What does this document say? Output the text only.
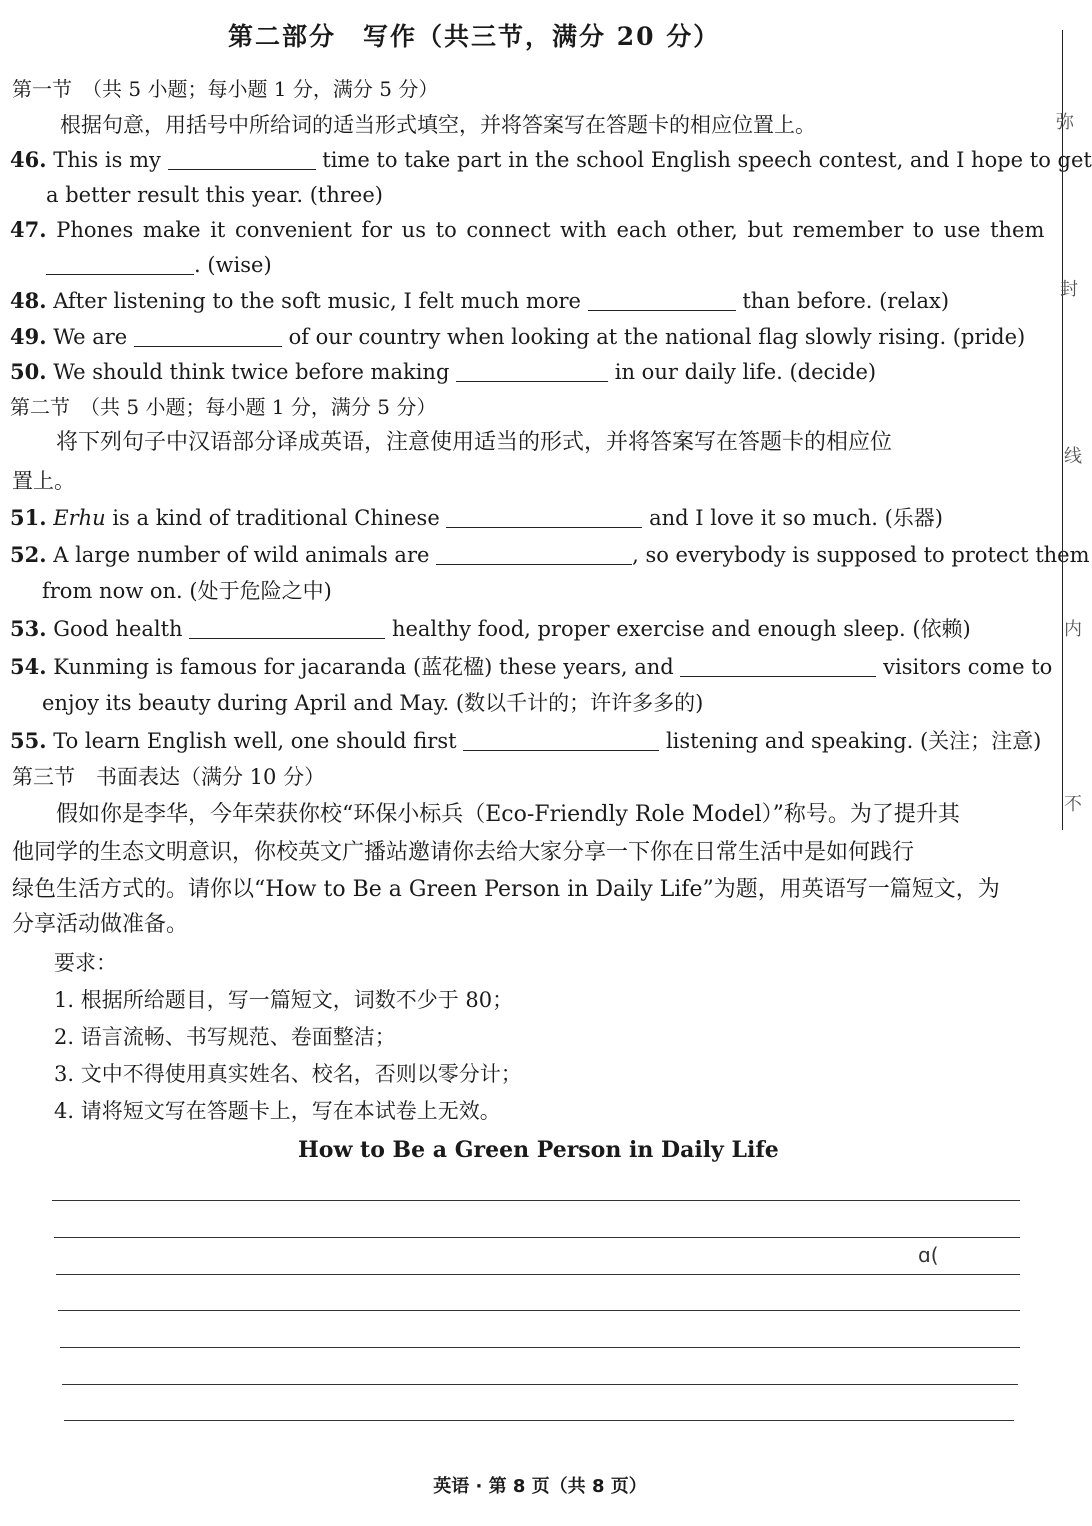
第二部分　写作（共三节，满分 20 分）
第一节　（共 5 小题；每小题 1 分，满分 5 分）
根据句意，用括号中所给词的适当形式填空，并将答案写在答题卡的相应位置上。
46. This is my	time to take part in the school English speech contest, and I hope to get
a better result this year. (three)
47. Phones make it convenient for us to connect with each other, but remember to use them
. (wise)
48. After listening to the soft music, I felt much more	than before. (relax)
49. We are	of our country when looking at the national flag slowly rising. (pride)
50. We should think twice before making	in our daily life. (decide)
第二节　（共 5 小题；每小题 1 分，满分 5 分）
将下列句子中汉语部分译成英语，注意使用适当的形式，并将答案写在答题卡的相应位
置上。
51. Erhu is a kind of traditional Chinese	and I love it so much. (乐器)
52. A large number of wild animals are	, so everybody is supposed to protect them
from now on. (处于危险之中)
53. Good health	healthy food, proper exercise and enough sleep. (依赖)
54. Kunming is famous for jacaranda (蓝花楹) these years, and	visitors come to
enjoy its beauty during April and May. (数以千计的；许许多多的)
55. To learn English well, one should first	listening and speaking. (关注；注意)
第三节　书面表达（满分 10 分）
假如你是李华，今年荣获你校“环保小标兵（Eco-Friendly Role Model）”称号。为了提升其
他同学的生态文明意识，你校英文广播站邀请你去给大家分享一下你在日常生活中是如何践行
绿色生活方式的。请你以“How to Be a Green Person in Daily Life”为题，用英语写一篇短文，为
分享活动做准备。
要求：
1. 根据所给题目，写一篇短文，词数不少于 80；
2. 语言流畅、书写规范、卷面整洁；
3. 文中不得使用真实姓名、校名，否则以零分计；
4. 请将短文写在答题卡上，写在本试卷上无效。
How to Be a Green Person in Daily Life
ɑ(
弥
封
线
内
不
英语 · 第 8 页（共 8 页）
